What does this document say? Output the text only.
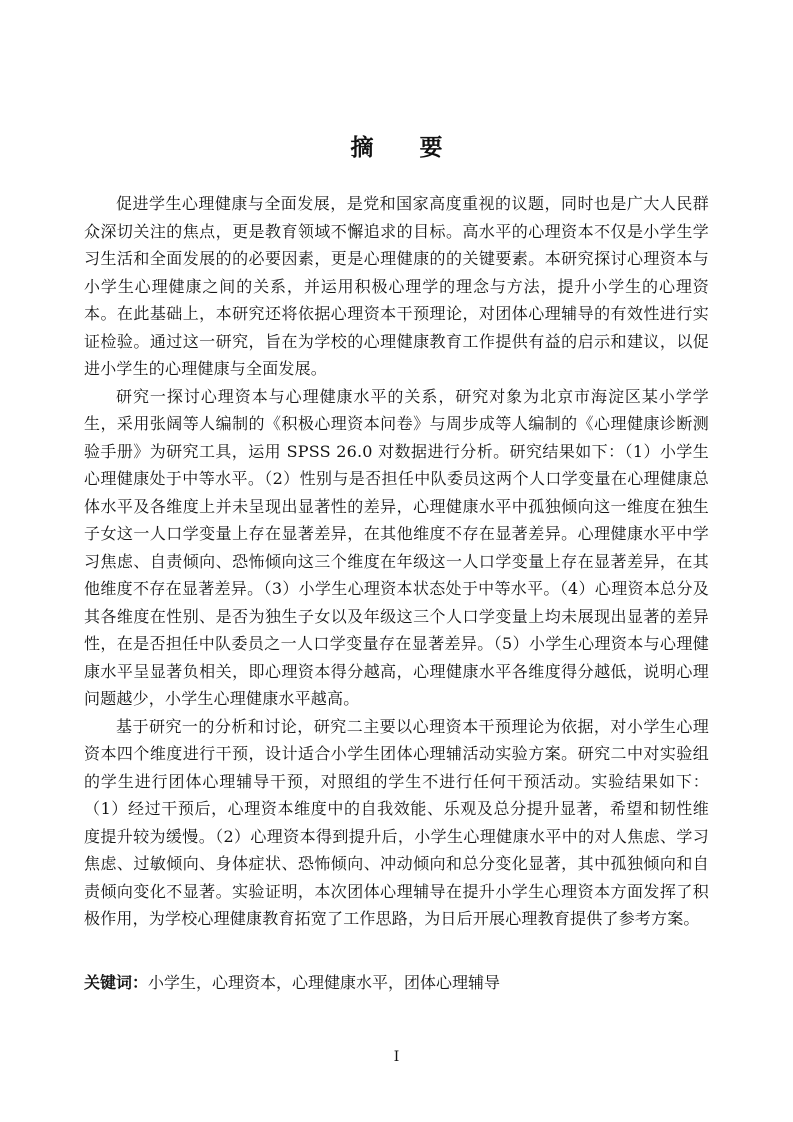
摘　　要

促进学生心理健康与全面发展，是党和国家高度重视的议题，同时也是广大人民群众深切关注的焦点，更是教育领域不懈追求的目标。高水平的心理资本不仅是小学生学习生活和全面发展的的必要因素，更是心理健康的的关键要素。本研究探讨心理资本与小学生心理健康之间的关系，并运用积极心理学的理念与方法，提升小学生的心理资本。在此基础上，本研究还将依据心理资本干预理论，对团体心理辅导的有效性进行实证检验。通过这一研究，旨在为学校的心理健康教育工作提供有益的启示和建议，以促进小学生的心理健康与全面发展。

研究一探讨心理资本与心理健康水平的关系，研究对象为北京市海淀区某小学学生，采用张阔等人编制的《积极心理资本问卷》与周步成等人编制的《心理健康诊断测验手册》为研究工具，运用 SPSS 26.0 对数据进行分析。研究结果如下：（1）小学生心理健康处于中等水平。（2）性别与是否担任中队委员这两个人口学变量在心理健康总体水平及各维度上并未呈现出显著性的差异，心理健康水平中孤独倾向这一维度在独生子女这一人口学变量上存在显著差异，在其他维度不存在显著差异。心理健康水平中学习焦虑、自责倾向、恐怖倾向这三个维度在年级这一人口学变量上存在显著差异，在其他维度不存在显著差异。（3）小学生心理资本状态处于中等水平。（4）心理资本总分及其各维度在性别、是否为独生子女以及年级这三个人口学变量上均未展现出显著的差异性，在是否担任中队委员之一人口学变量存在显著差异。（5）小学生心理资本与心理健康水平呈显著负相关，即心理资本得分越高，心理健康水平各维度得分越低，说明心理问题越少，小学生心理健康水平越高。

基于研究一的分析和讨论，研究二主要以心理资本干预理论为依据，对小学生心理资本四个维度进行干预，设计适合小学生团体心理辅活动实验方案。研究二中对实验组的学生进行团体心理辅导干预，对照组的学生不进行任何干预活动。实验结果如下：（1）经过干预后，心理资本维度中的自我效能、乐观及总分提升显著，希望和韧性维度提升较为缓慢。（2）心理资本得到提升后，小学生心理健康水平中的对人焦虑、学习焦虑、过敏倾向、身体症状、恐怖倾向、冲动倾向和总分变化显著，其中孤独倾向和自责倾向变化不显著。实验证明，本次团体心理辅导在提升小学生心理资本方面发挥了积极作用，为学校心理健康教育拓宽了工作思路，为日后开展心理教育提供了参考方案。

关键词：小学生，心理资本，心理健康水平，团体心理辅导

I
